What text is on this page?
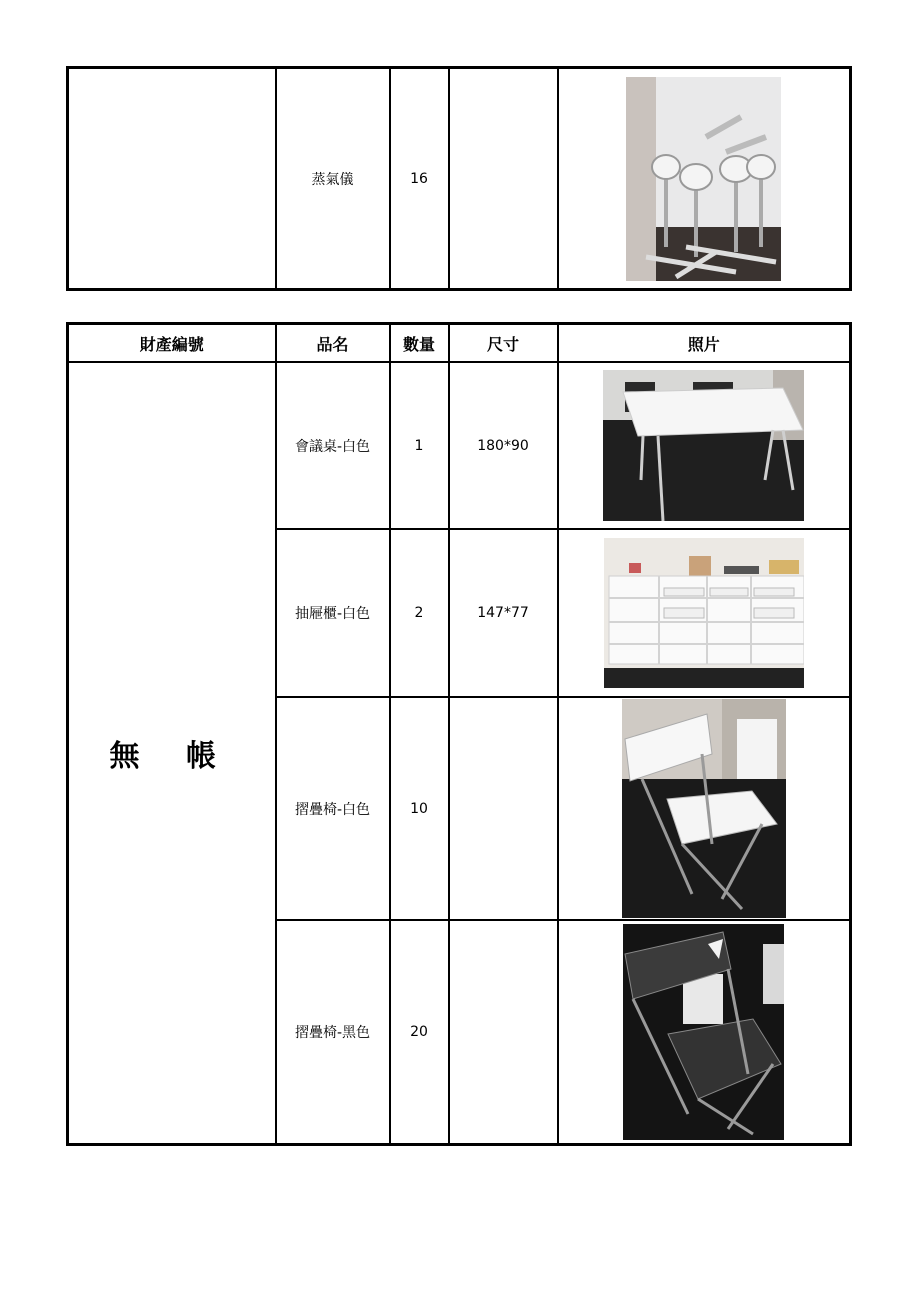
	蒸氣儀	16		
財產編號	品名	數量	尺寸	照片
無 帳	會議桌-白色	1	180*90	

	抽屜櫃-白色	2	147*77	

	摺疊椅-白色	10		

	摺疊椅-黑色	20		
